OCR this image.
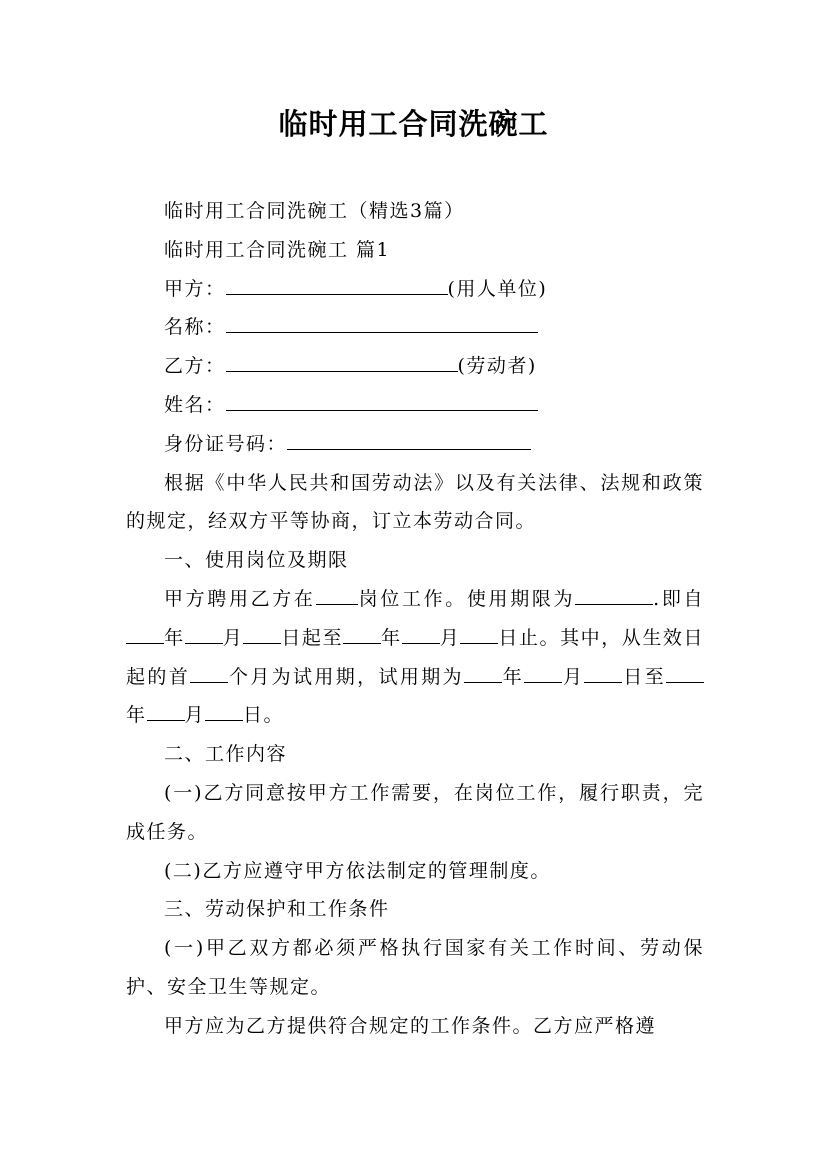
临时用工合同洗碗工

临时用工合同洗碗工（精选3篇）

临时用工合同洗碗工 篇1

甲方：	(用人单位)

名称：

乙方：	(劳动者)

姓名：

身份证号码：

根据《中华人民共和国劳动法》以及有关法律、法规和政策的规定，经双方平等协商，订立本劳动合同。

一、使用岗位及期限

甲方聘用乙方在 岗位工作。使用期限为	.即自年 月 日起至 年 月 日止。其中，从生效日起的首 个月为试用期，试用期为 年 月 日至年 月 日。

二、工作内容

(一)乙方同意按甲方工作需要，在岗位工作，履行职责，完成任务。

(二)乙方应遵守甲方依法制定的管理制度。

三、劳动保护和工作条件

(一)甲乙双方都必须严格执行国家有关工作时间、劳动保护、安全卫生等规定。

甲方应为乙方提供符合规定的工作条件。乙方应严格遵
